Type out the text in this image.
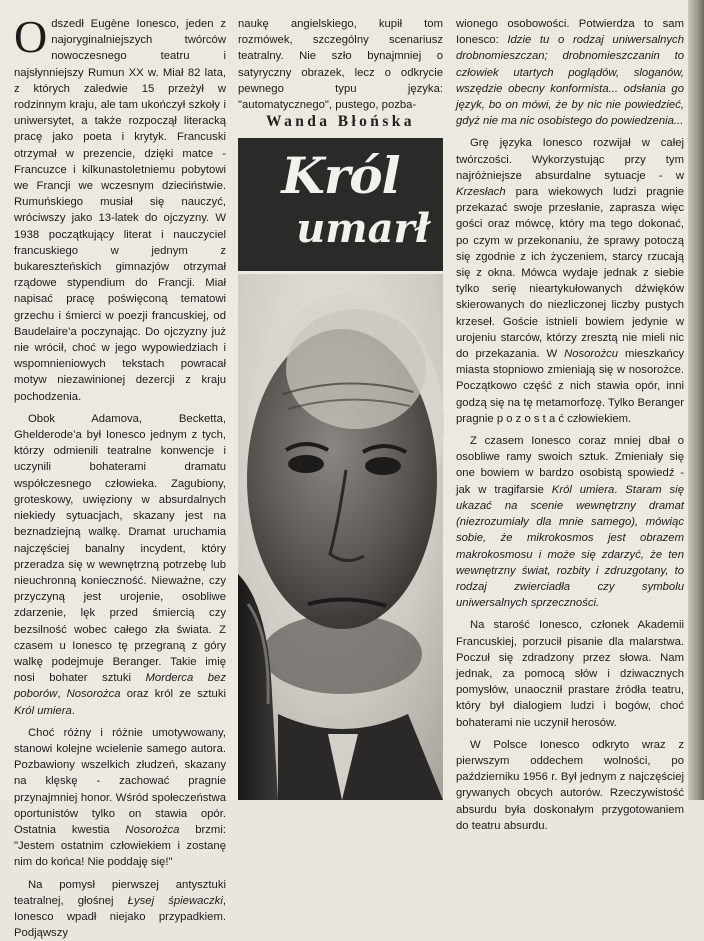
Odszedł Eugène Ionesco, jeden z najoryginalniejszych twórców nowoczesnego teatru i najsłynniejszy Rumun XX w. Miał 82 lata, z których zaledwie 15 przeżył w rodzinnym kraju, ale tam ukończył szkoły i uniwersytet, a także rozpoczął literacką pracę jako poeta i krytyk. Francuski otrzymał w prezencie, dzięki matce - Francuzce i kilkunastoletniemu pobytowi we Francji we wczesnym dzieciństwie. Rumuńskiego musiał się nauczyć, wróciwszy jako 13-latek do ojczyzny. W 1938 początkujący literat i nauczyciel francuskiego w jednym z bukareszteńskich gimnazjów otrzymał rządowe stypendium do Francji. Miał napisać pracę poświęconą tematowi grzechu i śmierci w poezji francuskiej, od Baudelaire’a poczynając. Do ojczyzny już nie wrócił, choć w jego wypowiedziach i wspomnieniowych tekstach powracał motyw niezawinionej dezercji z kraju pochodzenia.

Obok Adamova, Becketta, Ghelderode’a był Ionesco jednym z tych, którzy odmienili teatralne konwencje i uczynili bohaterami dramatu współczesnego człowieka. Zagubiony, groteskowy, uwięziony w absurdalnych niekiedy sytuacjach, skazany jest na beznadziejną walkę. Dramat uruchamia najczęściej banalny incydent, który przeradza się w wewnętrzną potrzebę lub nieuchronną konieczność. Nieważne, czy przyczyną jest urojenie, osobliwe zdarzenie, lęk przed śmiercią czy bezsilność wobec całego zła świata. Z czasem u Ionesco tę przegraną z góry walkę podejmuje Beranger. Takie imię nosi bohater sztuki Morderca bez poborów, Nosorożca oraz król ze sztuki Król umiera.

Choć różny i różnie umotywowany, stanowi kolejne wcielenie samego autora. Pozbawiony wszelkich złudzeń, skazany na klęskę - zachować pragnie przynajmniej honor. Wśród społeczeństwa oportunistów tylko on stawia opór. Ostatnia kwestia Nosorożca brzmi: "Jestem ostatnim człowiekiem i zostanę nim do końca! Nie poddaję się!"

Na pomysł pierwszej antysztuki teatralnej, głośnej Łysej śpiewaczki, Ionesco wpadł niejako przypadkiem. Podjąwszy

naukę angielskiego, kupił tom rozmówek, szczególny scenariusz teatralny. Nie szło bynajmniej o satyryczny obrazek, lecz o odkrycie pewnego typu języka: "automatycznego", pustego, pozba-

Wanda Błońska
Król
umarł

wionego osobowości. Potwierdza to sam Ionesco: Idzie tu o rodzaj uniwersalnych drobnomieszczan; drobnomieszczanin to człowiek utartych poglądów, sloganów, wszędzie obecny konformista... odsłania go język, bo on mówi, że by nic nie powiedzieć, gdyż nie ma nic osobistego do powiedzenia...

Grę języka Ionesco rozwijał w całej twórczości. Wykorzystując przy tym najróżniejsze absurdalne sytuacje - w Krzesłach para wiekowych ludzi pragnie przekazać swoje przesłanie, zaprasza więc gości oraz mówcę, który ma tego dokonać, po czym w przekonaniu, że sprawy potoczą się zgodnie z ich życzeniem, starcy rzucają się z okna. Mówca wydaje jednak z siebie tylko serię nieartykułowanych dźwięków skierowanych do niezliczonej liczby pustych krzeseł. Goście istnieli bowiem jedynie w urojeniu starców, którzy zresztą nie mieli nic do przekazania. W Nosorożcu mieszkańcy miasta stopniowo zmieniają się w nosorożce. Początkowo część z nich stawia opór, inni godzą się na tę metamorfozę. Tylko Beranger pragnie p o z o s t a ć człowiekiem.

Z czasem Ionesco coraz mniej dbał o osobliwe ramy swoich sztuk. Zmieniały się one bowiem w bardzo osobistą spowiedź - jak w tragifarsie Król umiera. Staram się ukazać na scenie wewnętrzny dramat (niezrozumiały dla mnie samego), mówiąc sobie, że mikrokosmos jest obrazem makrokosmosu i może się zdarzyć, że ten wewnętrzny świat, rozbity i zdruzgotany, to rodzaj zwierciadła czy symbolu uniwersalnych sprzeczności.

Na starość Ionesco, członek Akademii Francuskiej, porzucił pisanie dla malarstwa. Poczuł się zdradzony przez słowa. Nam jednak, za pomocą słów i dziwacznych pomysłów, unaocznił prastare źródła teatru, który był dialogiem ludzi i bogów, choć bohaterami nie uczynił herosów.

W Polsce Ionesco odkryto wraz z pierwszym oddechem wolności, po październiku 1956 r. Był jednym z najczęściej grywanych obcych autorów. Rzeczywistość absurdu była doskonałym przygotowaniem do teatru absurdu.
